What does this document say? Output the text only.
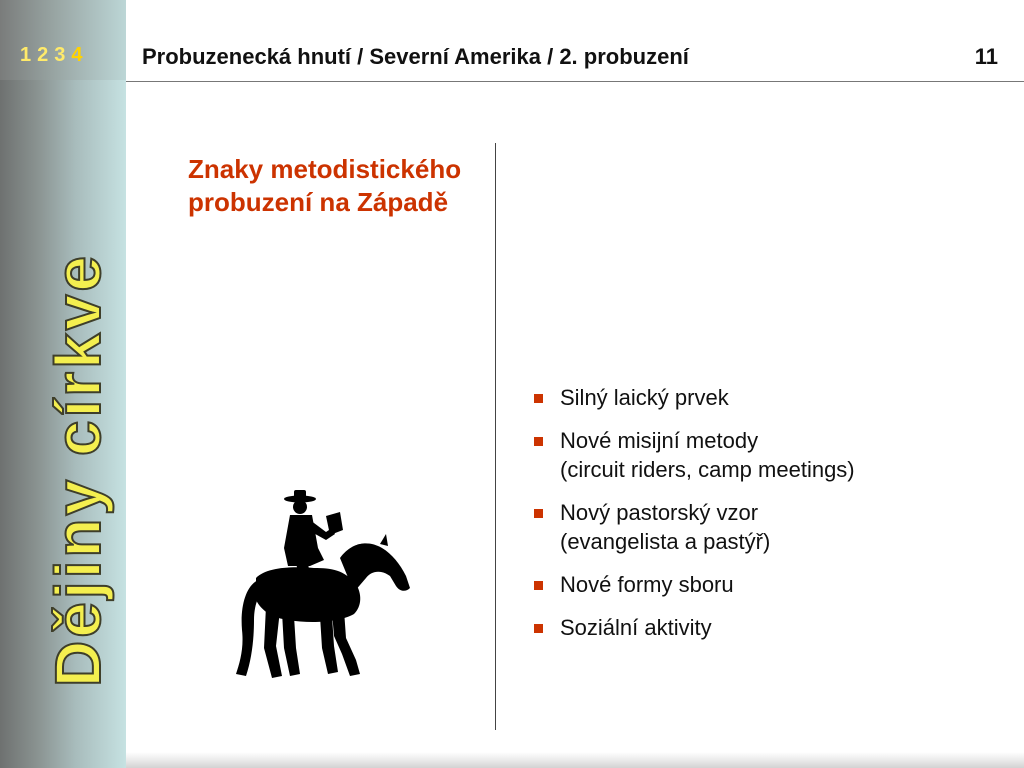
1 2 3 4
Dějiny církve
Probuzenecká hnutí / Severní Amerika / 2. probuzení	11
Znaky metodistického probuzení na Západě
Silný laický prvek
Nové misijní metody
(circuit riders, camp meetings)
Nový pastorský vzor
(evangelista a pastýř)
Nové formy sboru
Soziální aktivity
